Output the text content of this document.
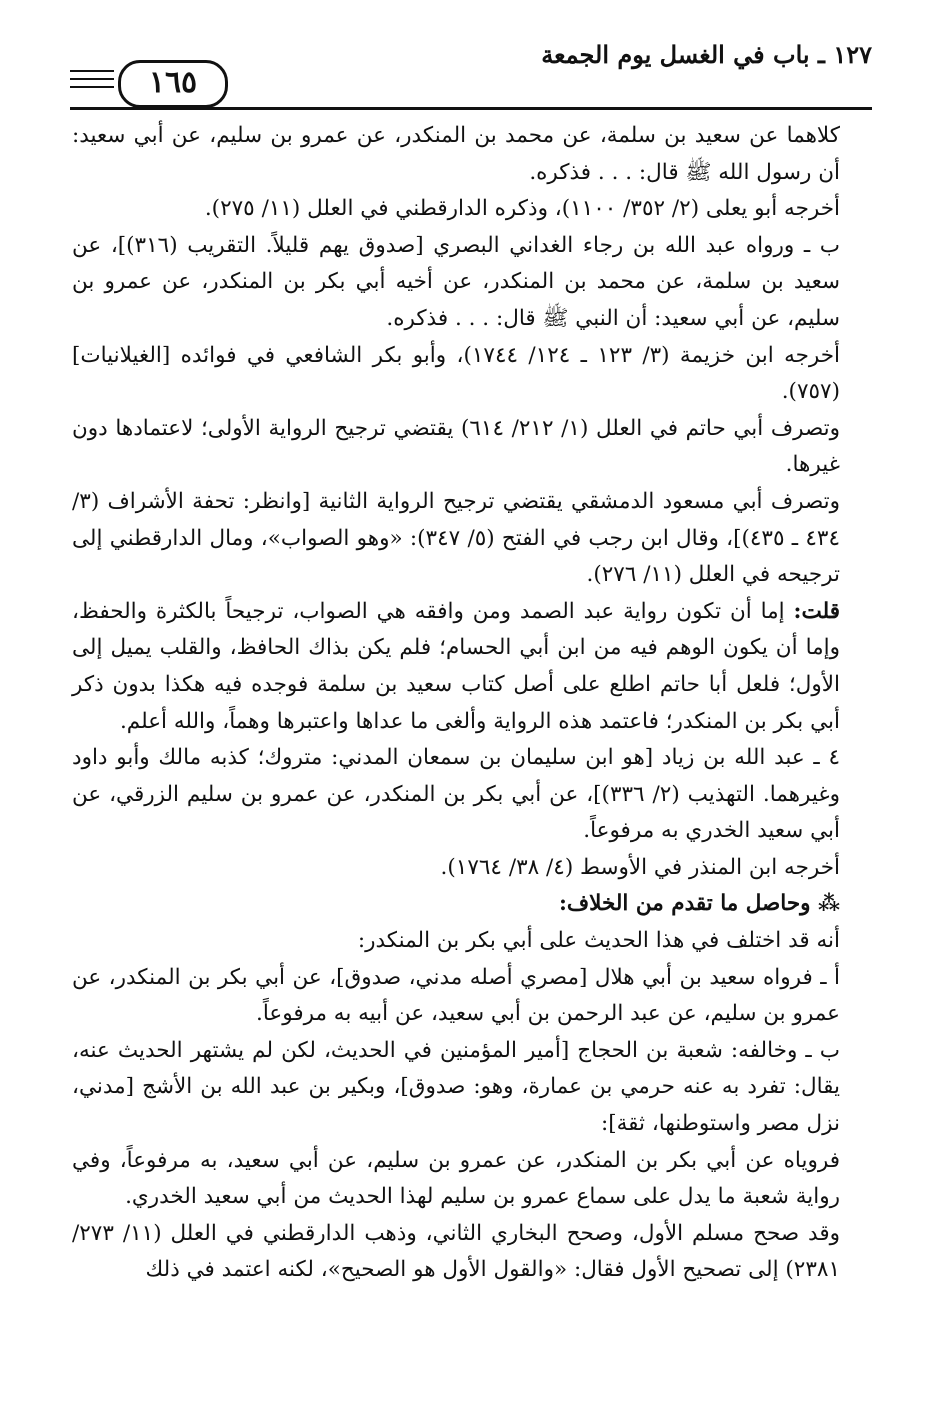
١٢٧ ـ باب في الغسل يوم الجمعة
١٦٥

كلاهما عن سعيد بن سلمة، عن محمد بن المنكدر، عن عمرو بن سليم، عن أبي سعيد: أن رسول الله ﷺ قال: . . . فذكره.

أخرجه أبو يعلى (٢/ ٣٥٢/ ١١٠٠)، وذكره الدارقطني في العلل (١١/ ٢٧٥).

ب ـ ورواه عبد الله بن رجاء الغداني البصري [صدوق يهم قليلاً. التقريب (٣١٦)]، عن سعيد بن سلمة، عن محمد بن المنكدر، عن أخيه أبي بكر بن المنكدر، عن عمرو بن سليم، عن أبي سعيد: أن النبي ﷺ قال: . . . فذكره.

أخرجه ابن خزيمة (٣/ ١٢٣ ـ ١٢٤/ ١٧٤٤)، وأبو بكر الشافعي في فوائده [الغيلانيات] (٧٥٧).

وتصرف أبي حاتم في العلل (١/ ٢١٢/ ٦١٤) يقتضي ترجيح الرواية الأولى؛ لاعتمادها دون غيرها.

وتصرف أبي مسعود الدمشقي يقتضي ترجيح الرواية الثانية [وانظر: تحفة الأشراف (٣/ ٤٣٤ ـ ٤٣٥)]، وقال ابن رجب في الفتح (٥/ ٣٤٧): «وهو الصواب»، ومال الدارقطني إلى ترجيحه في العلل (١١/ ٢٧٦).

قلت: إما أن تكون رواية عبد الصمد ومن وافقه هي الصواب، ترجيحاً بالكثرة والحفظ، وإما أن يكون الوهم فيه من ابن أبي الحسام؛ فلم يكن بذاك الحافظ، والقلب يميل إلى الأول؛ فلعل أبا حاتم اطلع على أصل كتاب سعيد بن سلمة فوجده فيه هكذا بدون ذكر أبي بكر بن المنكدر؛ فاعتمد هذه الرواية وألغى ما عداها واعتبرها وهماً، والله أعلم.

٤ ـ عبد الله بن زياد [هو ابن سليمان بن سمعان المدني: متروك؛ كذبه مالك وأبو داود وغيرهما. التهذيب (٢/ ٣٣٦)]، عن أبي بكر بن المنكدر، عن عمرو بن سليم الزرقي، عن أبي سعيد الخدري به مرفوعاً.

أخرجه ابن المنذر في الأوسط (٤/ ٣٨/ ١٧٦٤).

⁂ وحاصل ما تقدم من الخلاف:

أنه قد اختلف في هذا الحديث على أبي بكر بن المنكدر:

أ ـ فرواه سعيد بن أبي هلال [مصري أصله مدني، صدوق]، عن أبي بكر بن المنكدر، عن عمرو بن سليم، عن عبد الرحمن بن أبي سعيد، عن أبيه به مرفوعاً.

ب ـ وخالفه: شعبة بن الحجاج [أمير المؤمنين في الحديث، لكن لم يشتهر الحديث عنه، يقال: تفرد به عنه حرمي بن عمارة، وهو: صدوق]، وبكير بن عبد الله بن الأشج [مدني، نزل مصر واستوطنها، ثقة]:

فروياه عن أبي بكر بن المنكدر، عن عمرو بن سليم، عن أبي سعيد، به مرفوعاً، وفي رواية شعبة ما يدل على سماع عمرو بن سليم لهذا الحديث من أبي سعيد الخدري.

وقد صحح مسلم الأول، وصحح البخاري الثاني، وذهب الدارقطني في العلل (١١/ ٢٧٣/ ٢٣٨١) إلى تصحيح الأول فقال: «والقول الأول هو الصحيح»، لكنه اعتمد في ذلك
